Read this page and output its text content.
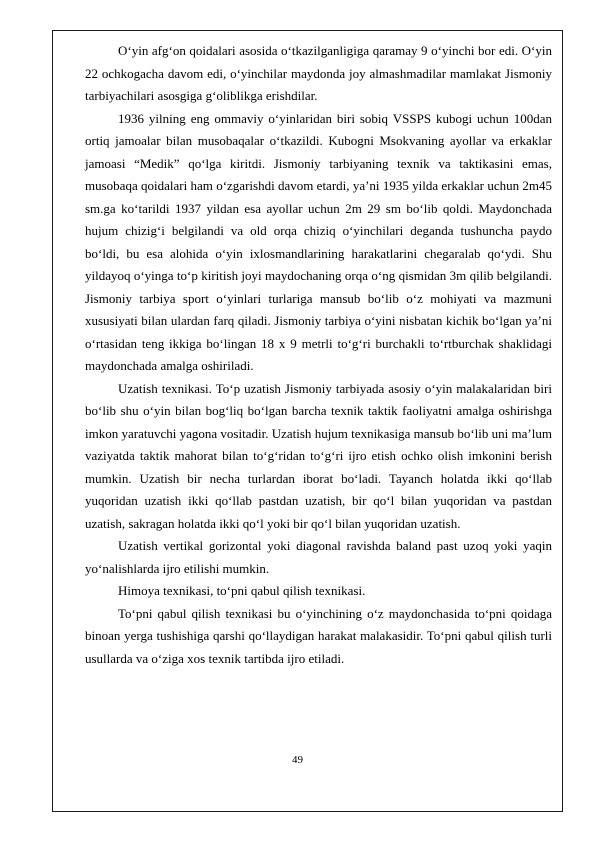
O‘yin afg‘on qoidalari asosida o‘tkazilganligiga qaramay 9 o‘yinchi bor edi. O‘yin 22 ochkogacha davom edi, o‘yinchilar maydonda joy almashmadilar mamlakat Jismoniy tarbiyachilari asosgiga g‘oliblikga erishdilar.

1936 yilning eng ommaviy o‘yinlaridan biri sobiq VSSPS kubogi uchun 100dan ortiq jamoalar bilan musobaqalar o‘tkazildi. Kubogni Msokvaning ayollar va erkaklar jamoasi “Medik” qo‘lga kiritdi. Jismoniy tarbiyaning texnik va taktikasini emas, musobaqa qoidalari ham o‘zgarishdi davom etardi, ya’ni 1935 yilda erkaklar uchun 2m45 sm.ga ko‘tarildi 1937 yildan esa ayollar uchun 2m 29 sm bo‘lib qoldi. Maydonchada hujum chizig‘i belgilandi va old orqa chiziq o‘yinchilari deganda tushuncha paydo bo‘ldi, bu esa alohida o‘yin ixlosmandlarining harakatlarini chegaralab qo‘ydi. Shu yildayoq o‘yinga to‘p kiritish joyi maydochaning orqa o‘ng qismidan 3m qilib belgilandi. Jismoniy tarbiya sport o‘yinlari turlariga mansub bo‘lib o‘z mohiyati va mazmuni xususiyati bilan ulardan farq qiladi. Jismoniy tarbiya o‘yini nisbatan kichik bo‘lgan ya’ni o‘rtasidan teng ikkiga bo‘lingan 18 x 9 metrli to‘g‘ri burchakli to‘rtburchak shaklidagi maydonchada amalga oshiriladi.

Uzatish texnikasi. To‘p uzatish Jismoniy tarbiyada asosiy o‘yin malakalaridan biri bo‘lib shu o‘yin bilan bog‘liq bo‘lgan barcha texnik taktik faoliyatni amalga oshirishga imkon yaratuvchi yagona vositadir. Uzatish hujum texnikasiga mansub bo‘lib uni ma’lum vaziyatda taktik mahorat bilan to‘g‘ridan to‘g‘ri ijro etish ochko olish imkonini berish mumkin. Uzatish bir necha turlardan iborat bo‘ladi. Tayanch holatda ikki qo‘llab yuqoridan uzatish ikki qo‘llab pastdan uzatish, bir qo‘l bilan yuqoridan va pastdan uzatish, sakragan holatda ikki qo‘l yoki bir qo‘l bilan yuqoridan uzatish.

Uzatish vertikal gorizontal yoki diagonal ravishda baland past uzoq yoki yaqin yo‘nalishlarda ijro etilishi mumkin.

Himoya texnikasi, to‘pni qabul qilish texnikasi.

To‘pni qabul qilish texnikasi bu o‘yinchining o‘z maydonchasida to‘pni qoidaga binoan yerga tushishiga qarshi qo‘llaydigan harakat malakasidir. To‘pni qabul qilish turli usullarda va o‘ziga xos texnik tartibda ijro etiladi.

49
